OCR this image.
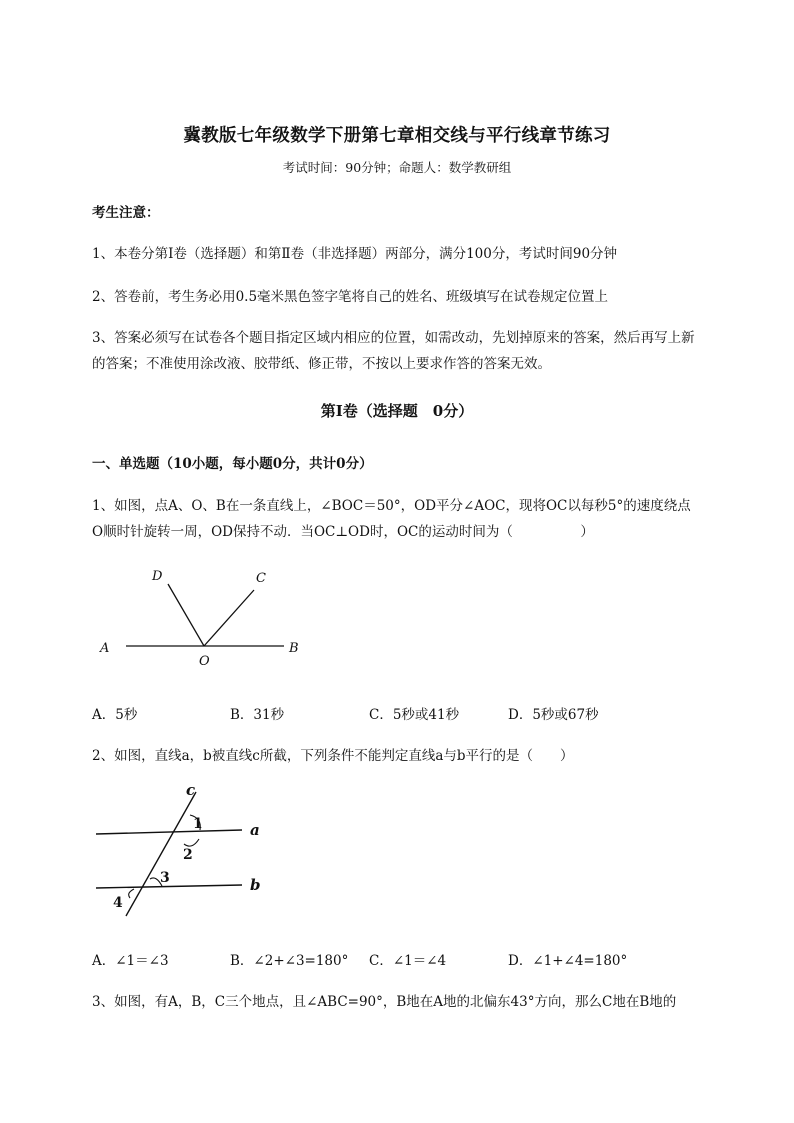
冀教版七年级数学下册第七章相交线与平行线章节练习
考试时间：90分钟；命题人：数学教研组
考生注意：
1、本卷分第I卷（选择题）和第Ⅱ卷（非选择题）两部分，满分100分，考试时间90分钟
2、答卷前，考生务必用0.5毫米黑色签字笔将自己的姓名、班级填写在试卷规定位置上
3、答案必须写在试卷各个题目指定区域内相应的位置，如需改动，先划掉原来的答案，然后再写上新
的答案；不准使用涂改液、胶带纸、修正带，不按以上要求作答的答案无效。
第I卷（选择题　0分）
一、单选题（10小题，每小题0分，共计0分）
1、如图，点A、O、B在一条直线上，∠BOC＝50°，OD平分∠AOC，现将OC以每秒5°的速度绕点
O顺时针旋转一周，OD保持不动．当OC⊥OD时，OC的运动时间为（　　　　　）
A	B
C
D
O
A．5秒	B．31秒	C．5秒或41秒	D．5秒或67秒
2、如图，直线a，b被直线c所截，下列条件不能判定直线a与b平行的是（　　）
c
a
b
1
2
3
4
A．∠1＝∠3	B．∠2+∠3=180° C．∠1＝∠4	D．∠1+∠4=180°
3、如图，有A，B，C三个地点，且∠ABC=90°，B地在A地的北偏东43°方向，那么C地在B地的
